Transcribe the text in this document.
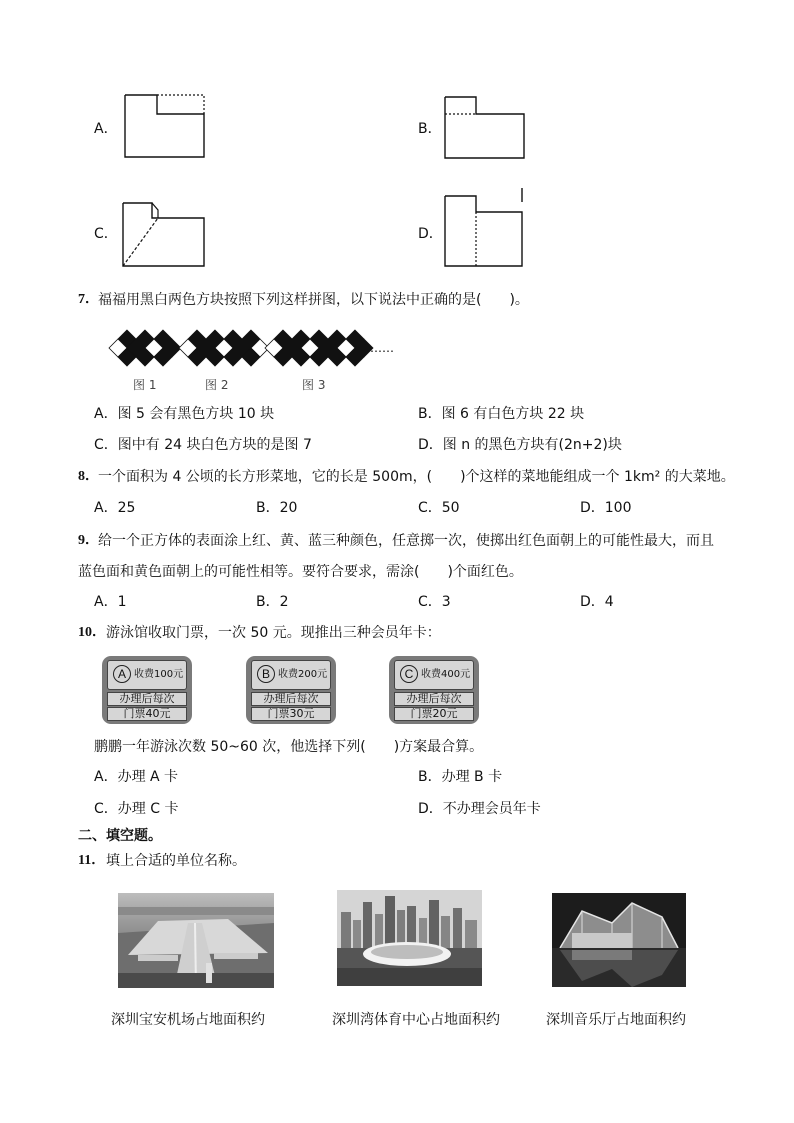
A．	B．
C．	D．
7． 福福用黑白两色方块按照下列这样拼图，以下说法中正确的是(　　)。
图 1	图 2	图 3
……
A．图 5 会有黑色方块 10 块	B．图 6 有白色方块 22 块
C．图中有 24 块白色方块的是图 7	D．图 n 的黑色方块有(2n+2)块
8． 一个面积为 4 公顷的长方形菜地，它的长是 500m，(　　)个这样的菜地能组成一个 1km² 的大菜地。
A．25	B．20	C．50	D．100
9． 给一个正方体的表面涂上红、黄、蓝三种颜色，任意掷一次，使掷出红色面朝上的可能性最大，而且
蓝色面和黄色面朝上的可能性相等。要符合要求，需涂(　　)个面红色。
A．1	B．2	C．3	D．4
10． 游泳馆收取门票，一次 50 元。现推出三种会员年卡：
A 收费100元
办理后每次
门票40元
B 收费200元
办理后每次
门票30元
C 收费400元
办理后每次
门票20元
鹏鹏一年游泳次数 50~60 次，他选择下列(　　)方案最合算。
A．办理 A 卡	B．办理 B 卡
C．办理 C 卡	D．不办理会员年卡
二、填空题。
11． 填上合适的单位名称。
深圳宝安机场占地面积约	深圳湾体育中心占地面积约	深圳音乐厅占地面积约
